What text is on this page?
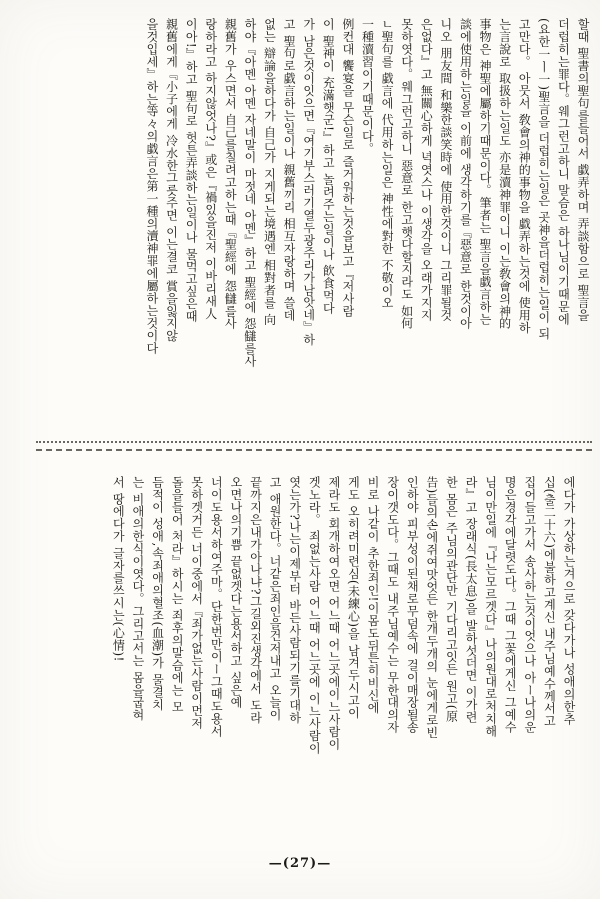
할때 聖書의聖句를들어서 戱弄하며 弄談함으로 聖言을
더럽히는罪다。웨그런고하니 말슴은 하나님이기때문에
(요한一ㅣ一)聖言을 더럽히는일은 곳神을더럽히는일이 되
고만다。 아뭇서 敎會의神的事物을 戱弄하는것에 使用하
는言說로 取扱하는일도 亦是瀆神罪이니 이는敎會의神的
事物은 神聖에屬하기때문이다。筆者는 聖言을戱言하는
談에使用하는일을 이前에 생각하기를『惡意로 한것이아
니오 朋友間 和樂한談笑時에 使用한것이니 그리罪될것
은없다』고 無關心하게 녁엿스나 이생각을 오래가지지
못하엿다。웨그런고하니 惡意로 한고햇다할지라도 如何
ㄴ聖句를 戱言에 代用하는일은 神性에對한 不敬이오
一種瀆習이기때문이다。
例컨대 饗宴을 무슨일로 즐거워하는것을보고『저사람
이 聖神이 充滿햇군!』하고 놀려주는일이나 飮食먹다
가 남은것이잇으면『여기부스러기열두광주리가남앗네』하
고 聖句로戱言하는일이나 親舊끼리 相互자랑하며 쓸데
없는 辯論을하다가 自己가 지게되는境遇엔 相對者를 向
하야『아멘 아멘 자네말이 마젓네 아멘』하고 聖經에 怨讎를사
親舊가 우스면서 自己를칠려고하는때『聖經에 怨讎를사
랑하라고 하지않엇나?』或은『禍있을진저 이바리새人
이아!』하고 聖句로 헛튼弄談하는일이나 물먹고싶은때
親舊에게『小子에게 冷水한그릇주면 이는결코 賞을잃지않
을것입세』하는等々의戱言은第一種의瀆神罪에屬하는것이다
에다가 가상하는겨으로 갖다가나 성애의한추
십(출二十六)에불하고계신 내주님예수께서고
집어들고가서 송사하는것이엇으나 아ー나의운
명은경각에달렷도다。그때 그꽃에게신 그예수
님이만일에『나는모르겟다』나의원대로처치해
라』고 장래식(長太息)을 발하섯더면 이가련
한 몸은 주님의관단만 기다리고잇든 원고(原
告)들의손에쥐여맛엇든 한개두개의 눈에게로빈
인하야 피부성이된채로무덤속에 걸이매장될송
장이갯도다。그때도 내주님예수는 무한대의자
비로 나같이 추한죄인!이몸도뒤튼히비신에
게도 오히려미련심(未練心)을 남겨두시고이
제라도 회개하여오면 어느때 어느곳에이느사람이
겟노라。 죄없는사람 어느때 어느곳에 이느사람이
엿는가?나는이제부터 바든사람되기를기대하
고 애원한다。너같은죄인을건저내고 오늘이
끝까지은내가아나냐?그길외진생각에서 도라
오면나의기쁨 끝없겟다는용서하고 싶은예
너이도용서하여주마。단한번만이ー그때도용서
못하겟거든 너이중에서『죄가없는사람이먼저
돌을들어 처라』하시는 죄후의말슴에는 모
듬적이 성애,속죄애의혈조(血潮)가 물결치
는 비애의한식이엿다。그리고서는 몸을굽혀
서 땅에다가 글자를쓰시는(心情)!
—(27)—
